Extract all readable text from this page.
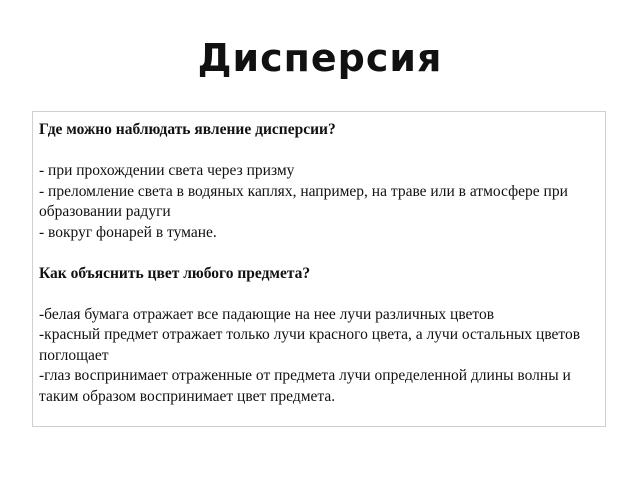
Дисперсия

Где можно наблюдать явление дисперсии?

- при прохождении света через призму

- преломление света в водяных каплях, например, на траве или в атмосфере при образовании радуги

- вокруг фонарей в тумане.

Как объяснить цвет любого предмета?

-белая бумага отражает все падающие на нее лучи различных цветов

-красный предмет отражает только лучи красного цвета, а лучи остальных цветов поглощает

-глаз воспринимает отраженные от предмета лучи определенной длины волны и таким образом воспринимает цвет предмета.
